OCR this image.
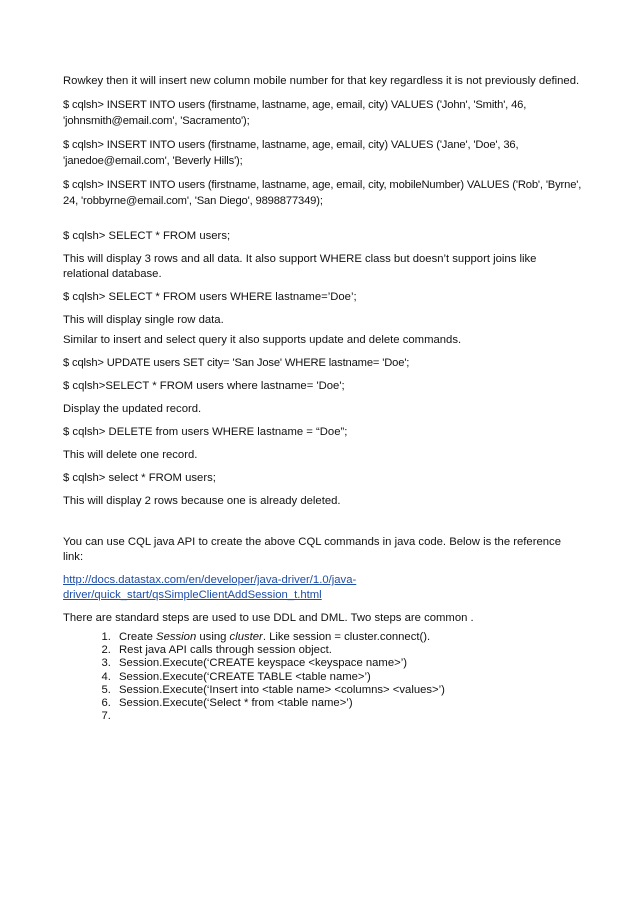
Rowkey then it will insert new column mobile number for that key regardless it is not previously defined.

$ cqlsh> INSERT INTO users (firstname, lastname, age, email, city) VALUES ('John', 'Smith', 46, 'johnsmith@email.com', 'Sacramento');

$ cqlsh> INSERT INTO users (firstname, lastname, age, email, city) VALUES ('Jane', 'Doe', 36, 'janedoe@email.com', 'Beverly Hills');

$ cqlsh> INSERT INTO users (firstname, lastname, age, email, city, mobileNumber) VALUES ('Rob', 'Byrne', 24, 'robbyrne@email.com', 'San Diego', 9898877349);

$ cqlsh> SELECT * FROM users;

This will display 3 rows and all data. It also support WHERE class but doesn’t support joins like relational database.

$ cqlsh> SELECT * FROM users WHERE lastname=’Doe’;

This will display single row data.

Similar to insert and select query it also supports update and delete commands.

$ cqlsh> UPDATE users SET city= 'San Jose' WHERE lastname= 'Doe';

$ cqlsh>SELECT * FROM users where lastname= 'Doe';

Display the updated record.

$ cqlsh> DELETE from users WHERE lastname = “Doe”;

This will delete one record.

$ cqlsh> select * FROM users;

This will display 2 rows because one is already deleted.

You can use CQL java API to create the above CQL commands in java code. Below is the reference link:

http://docs.datastax.com/en/developer/java-driver/1.0/java-driver/quick_start/qsSimpleClientAddSession_t.html

There are standard steps are used to use DDL and DML. Two steps are common .

1. Create Session using cluster. Like session = cluster.connect().
2. Rest java API calls through session object.
3. Session.Execute(‘CREATE keyspace <keyspace name>’)
4. Session.Execute(‘CREATE TABLE <table name>’)
5. Session.Execute(‘Insert into <table name> <columns> <values>’)
6. Session.Execute(‘Select * from <table name>’)
7.
